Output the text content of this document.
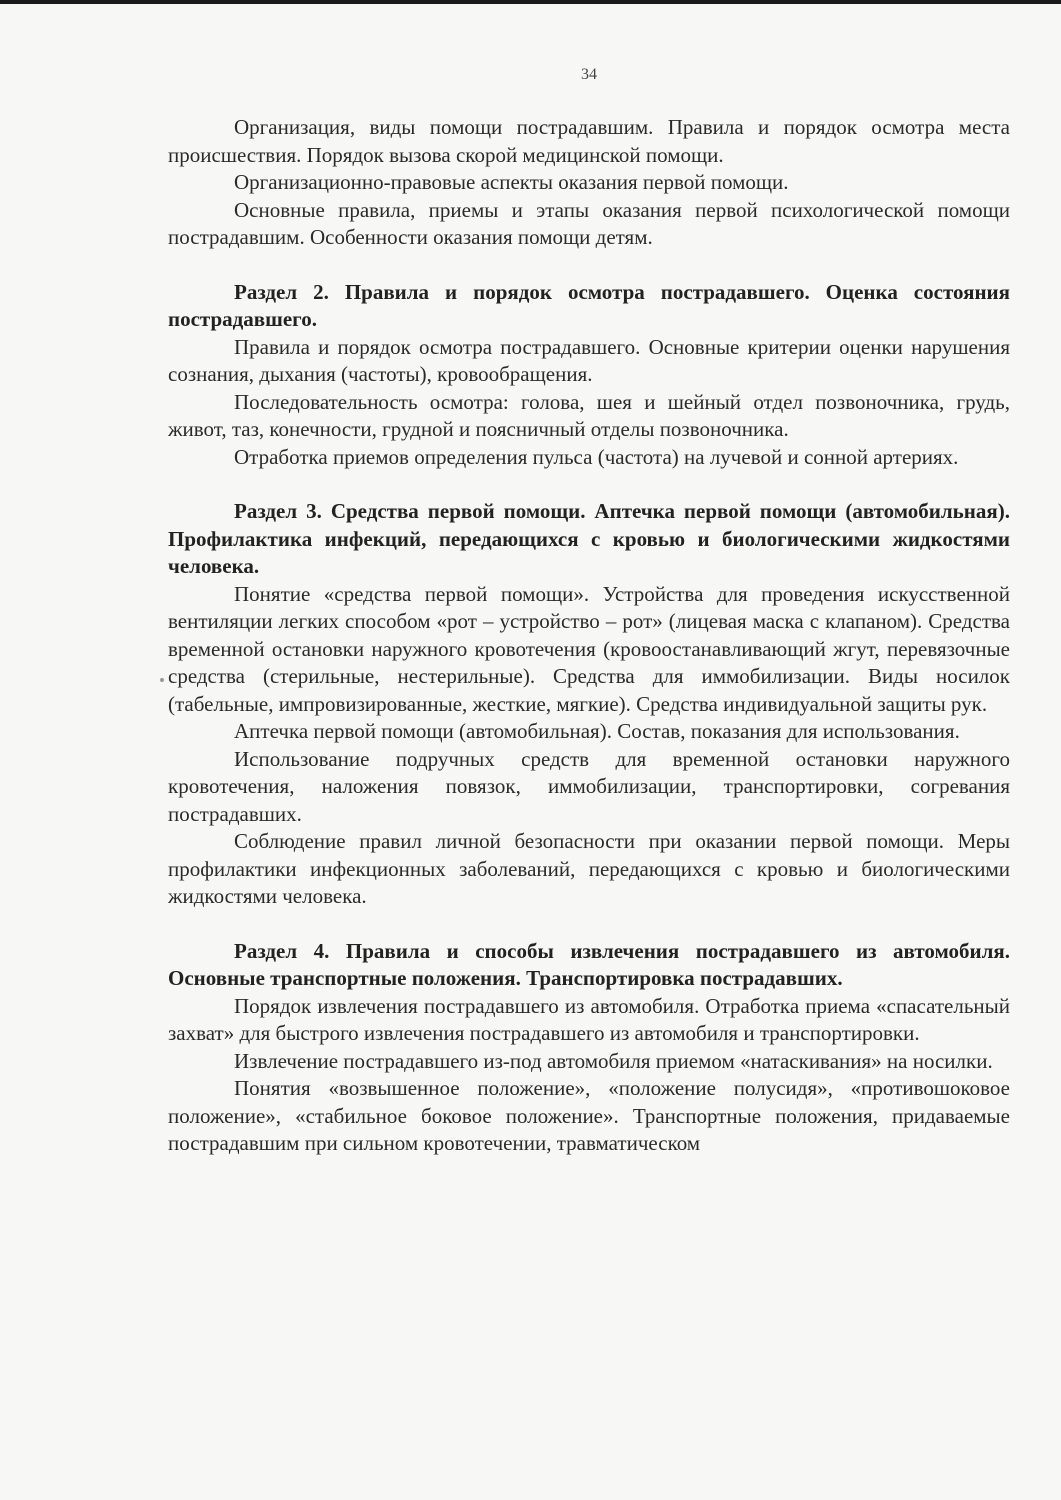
34

Организация, виды помощи пострадавшим. Правила и порядок осмотра места происшествия. Порядок вызова скорой медицинской помощи.

Организационно-правовые аспекты оказания первой помощи.

Основные правила, приемы и этапы оказания первой психологической помощи пострадавшим. Особенности оказания помощи детям.

Раздел 2. Правила и порядок осмотра пострадавшего. Оценка состояния пострадавшего.

Правила и порядок осмотра пострадавшего. Основные критерии оценки нарушения сознания, дыхания (частоты), кровообращения.

Последовательность осмотра: голова, шея и шейный отдел позвоночника, грудь, живот, таз, конечности, грудной и поясничный отделы позвоночника.

Отработка приемов определения пульса (частота) на лучевой и сонной артериях.

Раздел 3. Средства первой помощи. Аптечка первой помощи (автомобильная). Профилактика инфекций, передающихся с кровью и биологическими жидкостями человека.

Понятие «средства первой помощи». Устройства для проведения искусственной вентиляции легких способом «рот – устройство – рот» (лицевая маска с клапаном). Средства временной остановки наружного кровотечения (кровоостанавливающий жгут, перевязочные средства (стерильные, нестерильные). Средства для иммобилизации. Виды носилок (табельные, импровизированные, жесткие, мягкие). Средства индивидуальной защиты рук.

Аптечка первой помощи (автомобильная). Состав, показания для использования.

Использование подручных средств для временной остановки наружного кровотечения, наложения повязок, иммобилизации, транспортировки, согревания пострадавших.

Соблюдение правил личной безопасности при оказании первой помощи. Меры профилактики инфекционных заболеваний, передающихся с кровью и биологическими жидкостями человека.

Раздел 4. Правила и способы извлечения пострадавшего из автомобиля. Основные транспортные положения. Транспортировка пострадавших.

Порядок извлечения пострадавшего из автомобиля. Отработка приема «спасательный захват» для быстрого извлечения пострадавшего из автомобиля и транспортировки.

Извлечение пострадавшего из-под автомобиля приемом «натаскивания» на носилки.

Понятия «возвышенное положение», «положение полусидя», «противошоковое положение», «стабильное боковое положение». Транспортные положения, придаваемые пострадавшим при сильном кровотечении, травматическом
